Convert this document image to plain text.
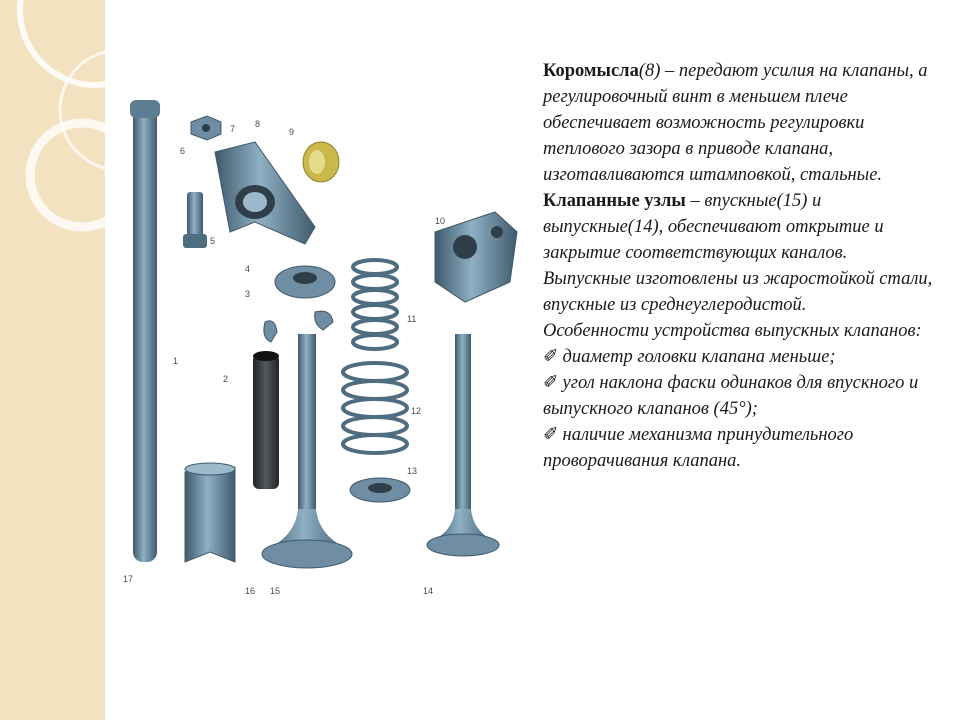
1
2
3
4
5
6
7 8
9
10
11
12
13
14
15
16
17

Коромысла(8) – передают усилия на клапаны, а регулировочный винт в меньшем плече обеспечивает возможность регулировки теплового зазора в приводе клапана, изготавливаются штамповкой, стальные.

Клапанные узлы – впускные(15) и выпускные(14), обеспечивают открытие и закрытие соответствующих каналов.

Выпускные изготовлены из жаростойкой стали, впускные из среднеуглеродистой.

Особенности устройства выпускных клапанов:

✐ диаметр головки клапана меньше;

✐ угол наклона фаски одинаков для впускного и выпускного клапанов (45°);

✐ наличие механизма принудительного проворачивания клапана.
